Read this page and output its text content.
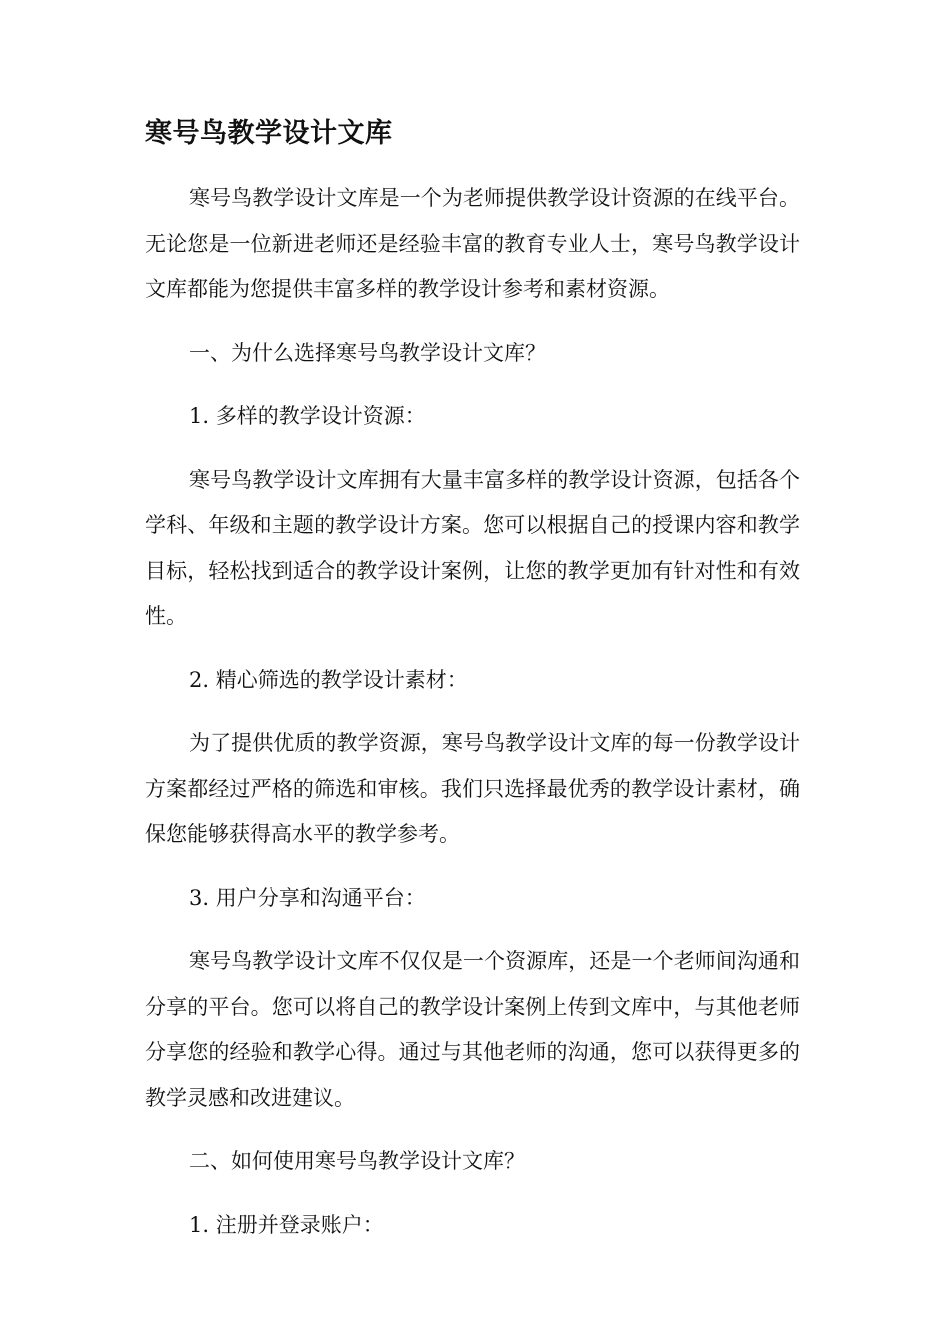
寒号鸟教学设计文库

寒号鸟教学设计文库是一个为老师提供教学设计资源的在线平台。无论您是一位新进老师还是经验丰富的教育专业人士，寒号鸟教学设计文库都能为您提供丰富多样的教学设计参考和素材资源。

一、为什么选择寒号鸟教学设计文库？

1. 多样的教学设计资源：

寒号鸟教学设计文库拥有大量丰富多样的教学设计资源，包括各个学科、年级和主题的教学设计方案。您可以根据自己的授课内容和教学目标，轻松找到适合的教学设计案例，让您的教学更加有针对性和有效性。

2. 精心筛选的教学设计素材：

为了提供优质的教学资源，寒号鸟教学设计文库的每一份教学设计方案都经过严格的筛选和审核。我们只选择最优秀的教学设计素材，确保您能够获得高水平的教学参考。

3. 用户分享和沟通平台：

寒号鸟教学设计文库不仅仅是一个资源库，还是一个老师间沟通和分享的平台。您可以将自己的教学设计案例上传到文库中，与其他老师分享您的经验和教学心得。通过与其他老师的沟通，您可以获得更多的教学灵感和改进建议。

二、如何使用寒号鸟教学设计文库？

1. 注册并登录账户：
